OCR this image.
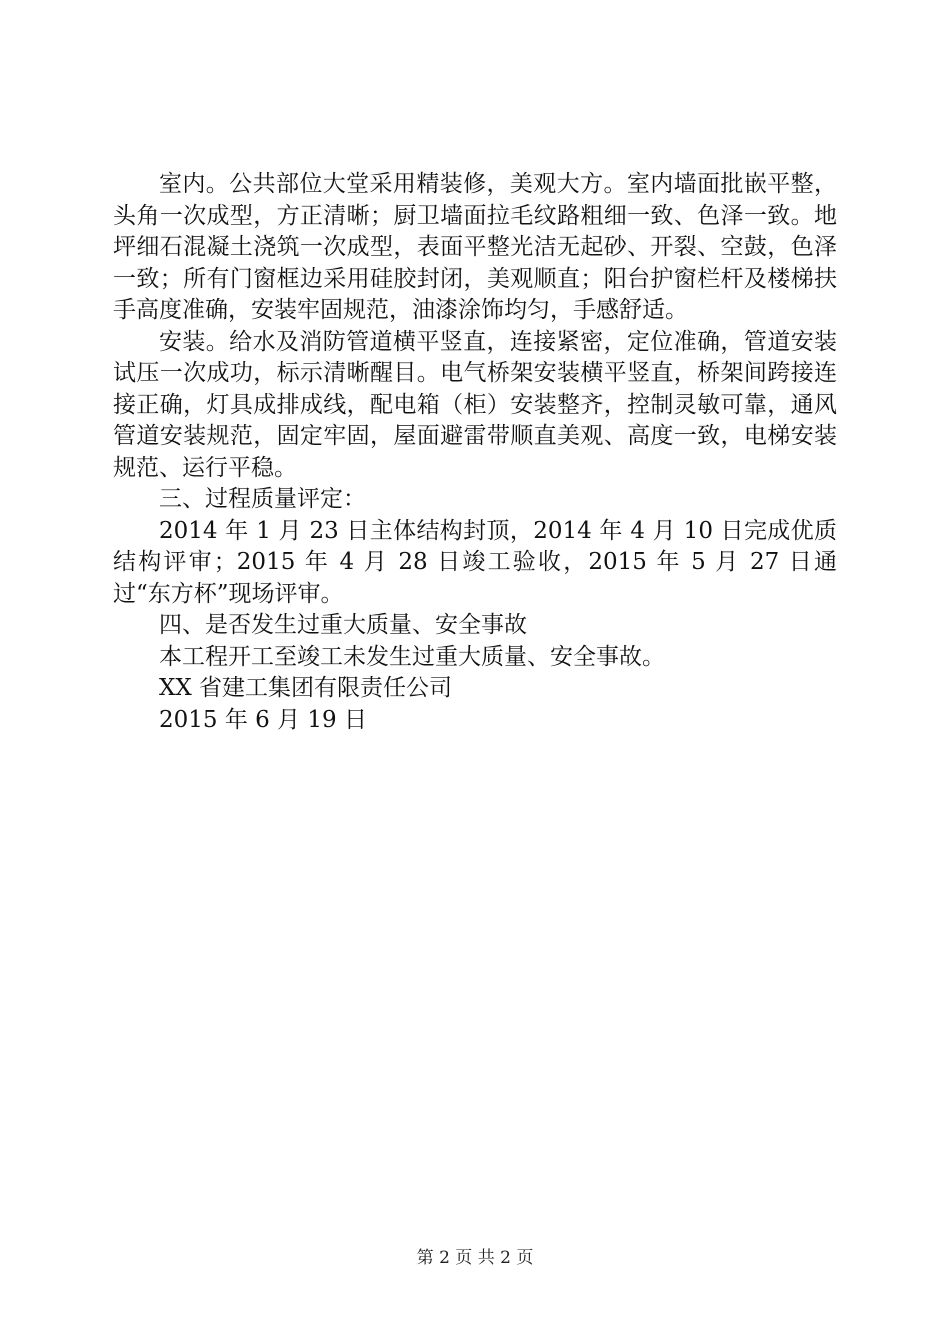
室内。公共部位大堂采用精装修，美观大方。室内墙面批嵌平整，头角一次成型，方正清晰；厨卫墙面拉毛纹路粗细一致、色泽一致。地坪细石混凝土浇筑一次成型，表面平整光洁无起砂、开裂、空鼓，色泽一致；所有门窗框边采用硅胶封闭，美观顺直；阳台护窗栏杆及楼梯扶手高度准确，安装牢固规范，油漆涂饰均匀，手感舒适。

安装。给水及消防管道横平竖直，连接紧密，定位准确，管道安装试压一次成功，标示清晰醒目。电气桥架安装横平竖直，桥架间跨接连接正确，灯具成排成线，配电箱（柜）安装整齐，控制灵敏可靠，通风管道安装规范，固定牢固，屋面避雷带顺直美观、高度一致，电梯安装规范、运行平稳。

三、过程质量评定：

2014 年 1 月 23 日主体结构封顶，2014 年 4 月 10 日完成优质结构评审；2015 年 4 月 28 日竣工验收，2015 年 5 月 27 日通过“东方杯”现场评审。

四、是否发生过重大质量、安全事故

本工程开工至竣工未发生过重大质量、安全事故。

XX 省建工集团有限责任公司

2015 年 6 月 19 日

第 2 页 共 2 页
